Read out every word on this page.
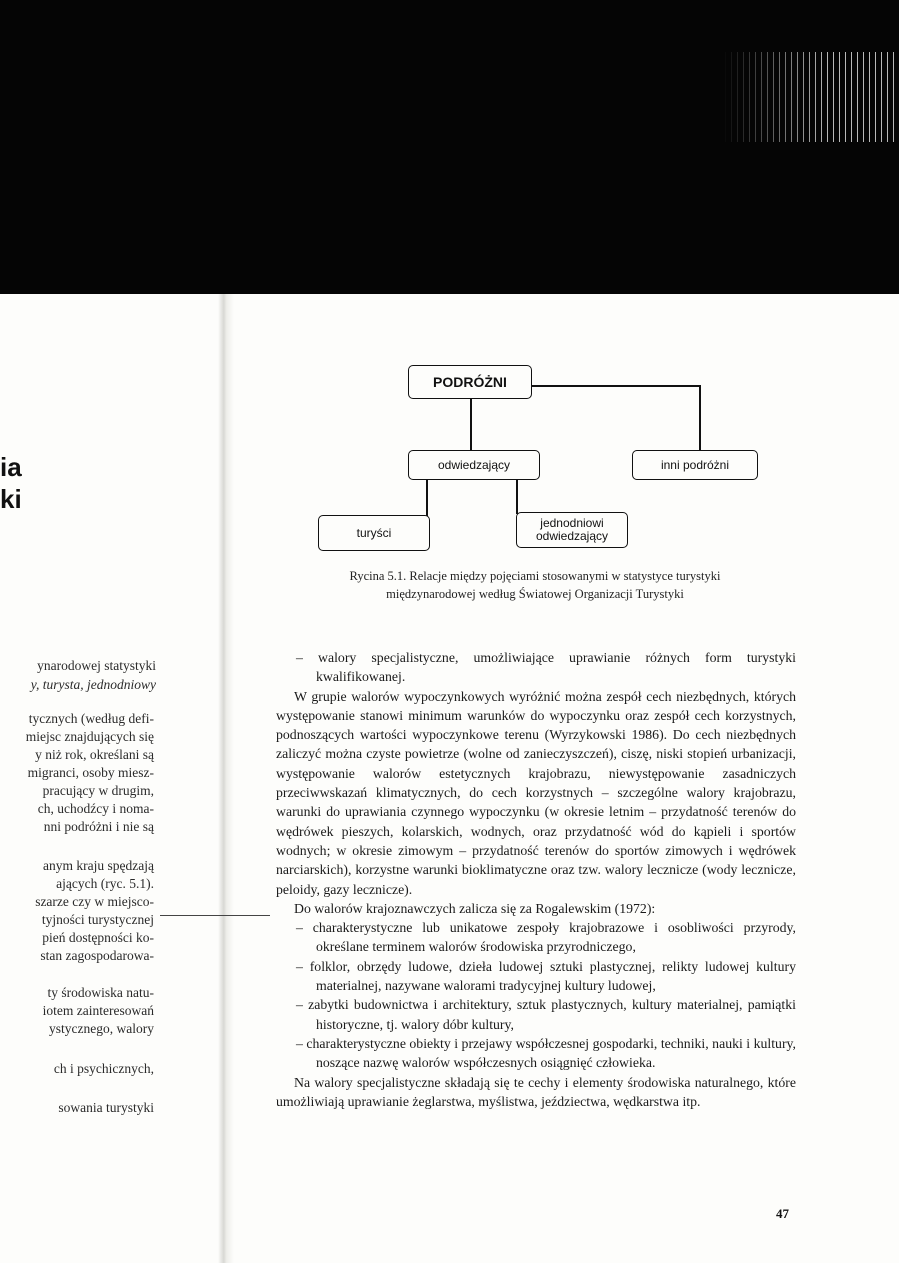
ia
ki
ynarodowej statystyki
y, turysta, jednodniowy
tycznych (według defi-
miejsc znajdujących się
y niż rok, określani są
migranci, osoby miesz-
pracujący w drugim,
ch, uchodźcy i noma-
nni podróżni i nie są
anym kraju spędzają
ających (ryc. 5.1).
szarze czy w miejsco-
tyjności turystycznej
pień dostępności ko-
stan zagospodarowa-
ty środowiska natu-
iotem zainteresowań
ystycznego, walory
ch i psychicznych,
sowania turystyki
PODRÓŻNI
odwiedzający	inni podróżni
turyści
jednodniowi odwiedzający
Rycina 5.1. Relacje między pojęciami stosowanymi w statystyce turystyki
międzynarodowej według Światowej Organizacji Turystyki

– walory specjalistyczne, umożliwiające uprawianie różnych form turystyki kwalifikowanej.

W grupie walorów wypoczynkowych wyróżnić można zespół cech niezbędnych, których występowanie stanowi minimum warunków do wypoczynku oraz zespół cech korzystnych, podnoszących wartości wypoczynkowe terenu (Wyrzykowski 1986). Do cech niezbędnych zaliczyć można czyste powietrze (wolne od zanieczyszczeń), ciszę, niski stopień urbanizacji, występowanie walorów estetycznych krajobrazu, niewystępowanie zasadniczych przeciwwskazań klimatycznych, do cech korzystnych – szczególne walory krajobrazu, warunki do uprawiania czynnego wypoczynku (w okresie letnim – przydatność terenów do wędrówek pieszych, kolarskich, wodnych, oraz przydatność wód do kąpieli i sportów wodnych; w okresie zimowym – przydatność terenów do sportów zimowych i wędrówek narciarskich), korzystne warunki bioklimatyczne oraz tzw. walory lecznicze (wody lecznicze, peloidy, gazy lecznicze).

Do walorów krajoznawczych zalicza się za Rogalewskim (1972):

– charakterystyczne lub unikatowe zespoły krajobrazowe i osobliwości przyrody, określane terminem walorów środowiska przyrodniczego,

– folklor, obrzędy ludowe, dzieła ludowej sztuki plastycznej, relikty ludowej kultury materialnej, nazywane walorami tradycyjnej kultury ludowej,

– zabytki budownictwa i architektury, sztuk plastycznych, kultury materialnej, pamiątki historyczne, tj. walory dóbr kultury,

– charakterystyczne obiekty i przejawy współczesnej gospodarki, techniki, nauki i kultury, noszące nazwę walorów współczesnych osiągnięć człowieka.

Na walory specjalistyczne składają się te cechy i elementy środowiska naturalnego, które umożliwiają uprawianie żeglarstwa, myślistwa, jeździectwa, wędkarstwa itp.

47
